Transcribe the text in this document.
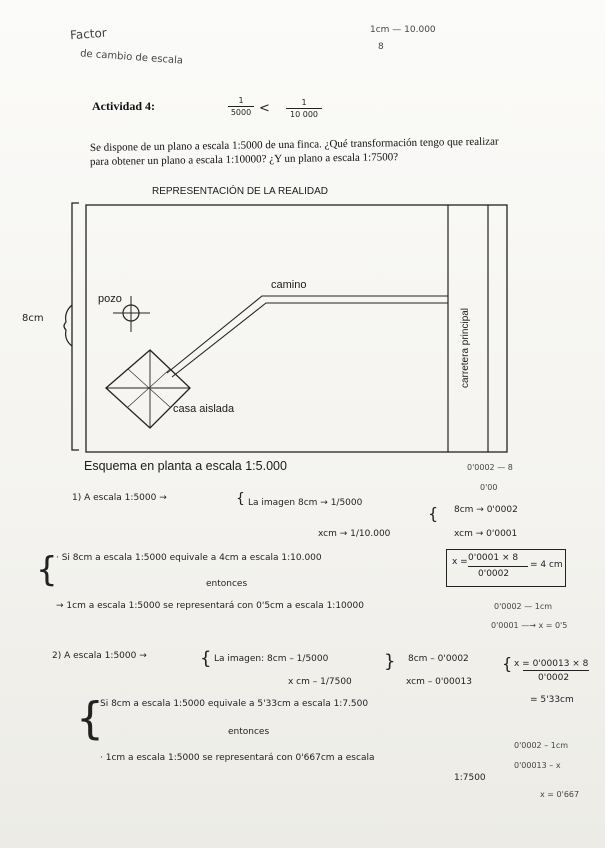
Factor
de cambio de escala
1cm — 10.000
8
Actividad 4:	1
5000 <	1
10 000
Se dispone de un plano a escala 1:5000 de una finca. ¿Qué transformación tengo que realizar
para obtener un plano a escala 1:10000? ¿Y un plano a escala 1:7500?
REPRESENTACIÓN DE LA REALIDAD
camino
pozo
casa aislada
carretera principal
8cm
Esquema en planta a escala 1:5.000	0'0002 — 8
0'00
1) A escala 1:5000 →	{ La imagen 8cm → 1/5000
xcm → 1/10.000
{ 8cm → 0'0002
xcm → 0'0001
{
· Si 8cm a escala 1:5000 equivale a 4cm a escala 1:10.000
entonces
→ 1cm a escala 1:5000 se representará con 0'5cm a escala 1:10000
x = 0'0001 × 8
0'0002
= 4 cm
0'0002 — 1cm
0'0001 —→ x = 0'5
2) A escala 1:5000 →	{ La imagen: 8cm – 1/5000
x cm – 1/7500
} 8cm – 0'0002
xcm – 0'00013
{ x = 0'00013 × 8
0'0002
= 5'33cm
{
Si 8cm a escala 1:5000 equivale a 5'33cm a escala 1:7.500
entonces
· 1cm a escala 1:5000 se representará con 0'667cm a escala
1:7500
0'0002 – 1cm
0'00013 – x
x = 0'667
